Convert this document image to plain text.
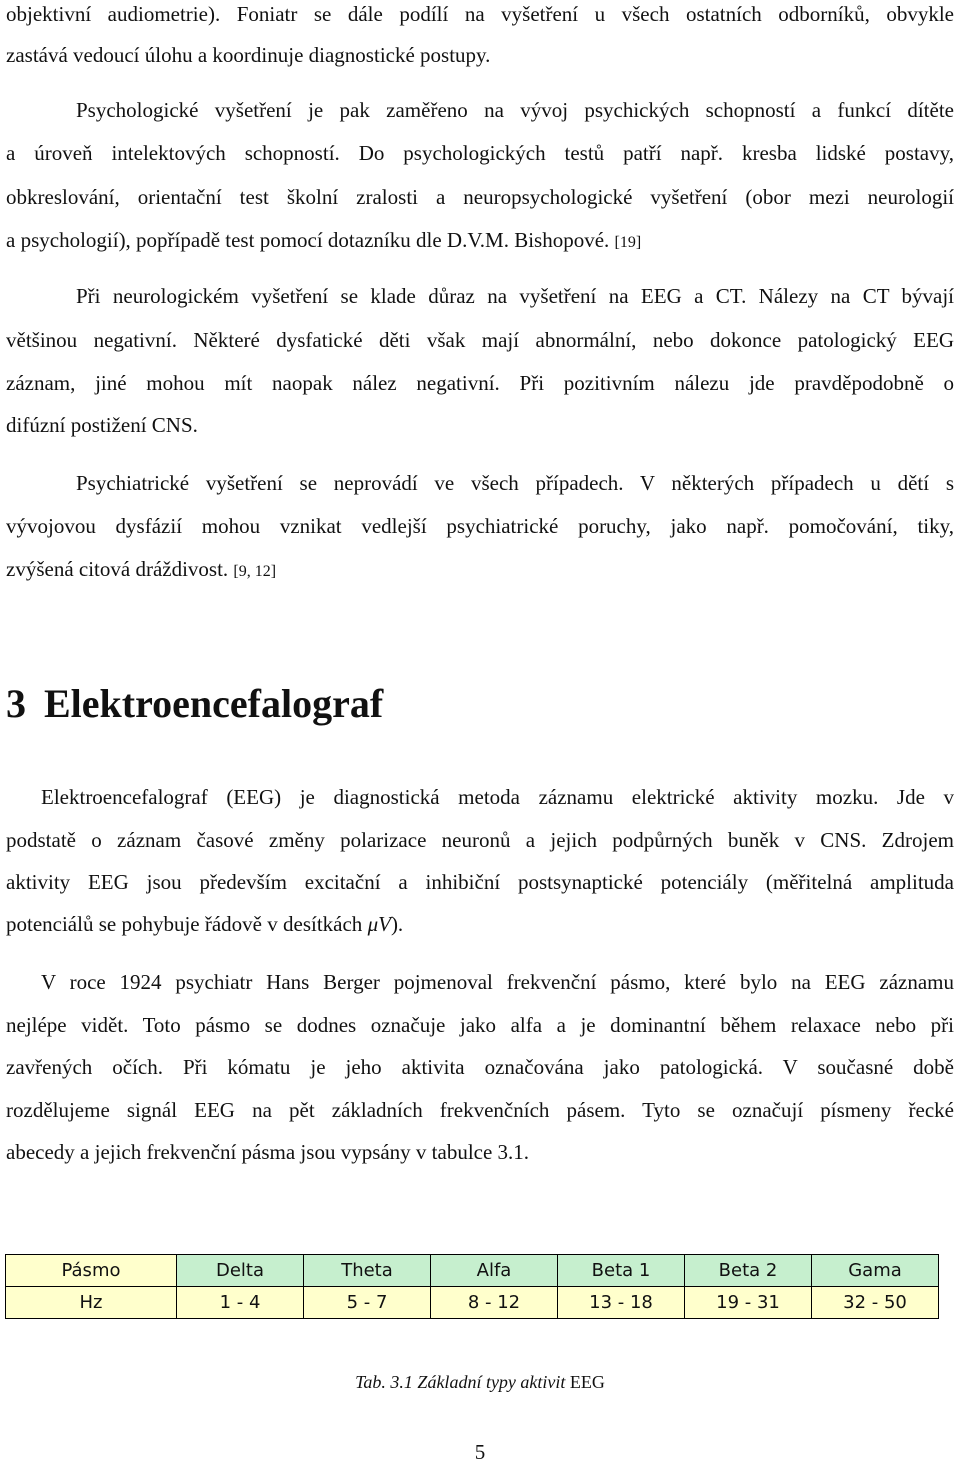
objektivní audiometrie). Foniatr se dále podílí na vyšetření u všech ostatních odborníků, obvykle
zastává vedoucí úlohu a koordinuje diagnostické postupy.
Psychologické vyšetření je pak zaměřeno na vývoj psychických schopností a funkcí dítěte
a úroveň intelektových schopností. Do psychologických testů patří např. kresba lidské postavy,
obkreslování, orientační test školní zralosti a neuropsychologické vyšetření (obor mezi neurologií
a psychologií), popřípadě test pomocí dotazníku dle D.V.M. Bishopové. [19]
Při neurologickém vyšetření se klade důraz na vyšetření na EEG a CT. Nálezy na CT bývají
většinou negativní. Některé dysfatické děti však mají abnormální, nebo dokonce patologický EEG
záznam, jiné mohou mít naopak nález negativní. Při pozitivním nálezu jde pravděpodobně o
difúzní postižení CNS.
Psychiatrické vyšetření se neprovádí ve všech případech. V některých případech u dětí s
vývojovou dysfázií mohou vznikat vedlejší psychiatrické poruchy, jako např. pomočování, tiky,
zvýšená citová dráždivost. [9, 12]
3 Elektroencefalograf
Elektroencefalograf (EEG) je diagnostická metoda záznamu elektrické aktivity mozku. Jde v
podstatě o záznam časové změny polarizace neuronů a jejich podpůrných buněk v CNS. Zdrojem
aktivity EEG jsou především excitační a inhibiční postsynaptické potenciály (měřitelná amplituda
potenciálů se pohybuje řádově v desítkách μV).
V roce 1924 psychiatr Hans Berger pojmenoval frekvenční pásmo, které bylo na EEG záznamu
nejlépe vidět. Toto pásmo se dodnes označuje jako alfa a je dominantní během relaxace nebo při
zavřených očích. Při kómatu je jeho aktivita označována jako patologická. V současné době
rozdělujeme signál EEG na pět základních frekvenčních pásem. Tyto se označují písmeny řecké
abecedy a jejich frekvenční pásma jsou vypsány v tabulce 3.1.
Pásmo	Delta	Theta	Alfa	Beta 1	Beta 2	Gama
Hz	1 - 4	5 - 7	8 - 12	13 - 18	19 - 31	32 - 50
Tab. 3.1 Základní typy aktivit EEG
5
